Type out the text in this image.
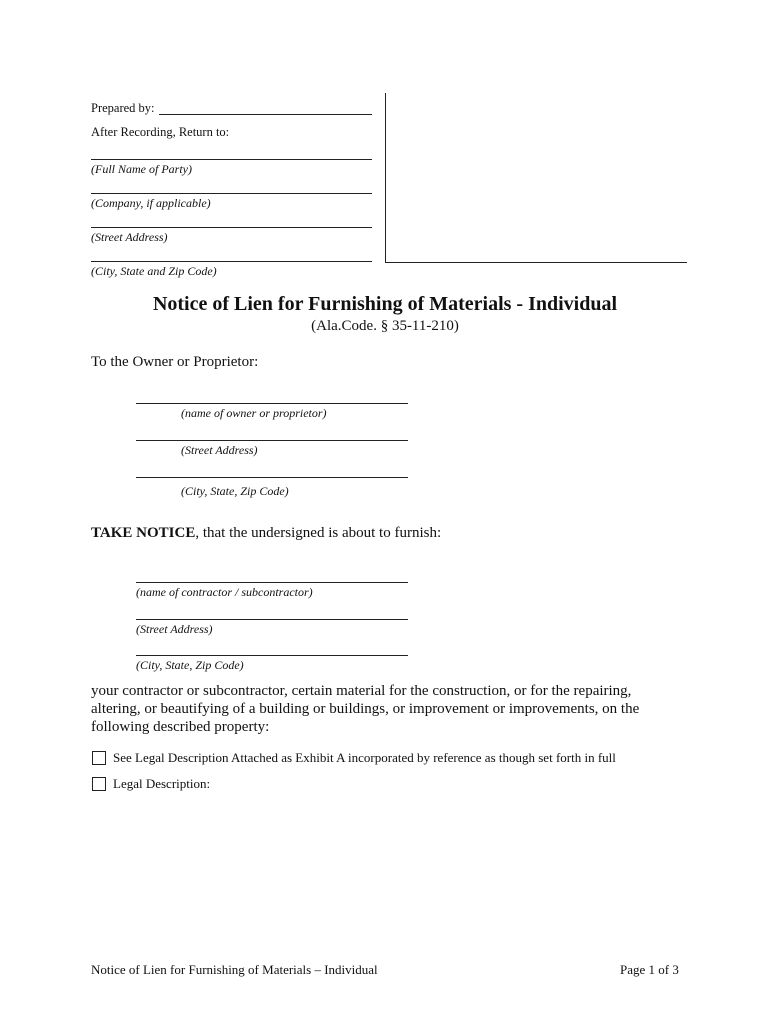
Prepared by:
After Recording, Return to:
(Full Name of Party)
(Company, if applicable)
(Street Address)
(City, State and Zip Code)
Notice of Lien for Furnishing of Materials - Individual
(Ala.Code. § 35-11-210)
To the Owner or Proprietor:
(name of owner or proprietor)
(Street Address)
(City, State, Zip Code)
TAKE NOTICE, that the undersigned is about to furnish:
(name of contractor / subcontractor)
(Street Address)
(City, State, Zip Code)
your contractor or subcontractor, certain material for the construction, or for the repairing,
altering, or beautifying of a building or buildings, or improvement or improvements, on the
following described property:
See Legal Description Attached as Exhibit A incorporated by reference as though set forth in full
Legal Description:
Notice of Lien for Furnishing of Materials – Individual	Page 1 of 3
